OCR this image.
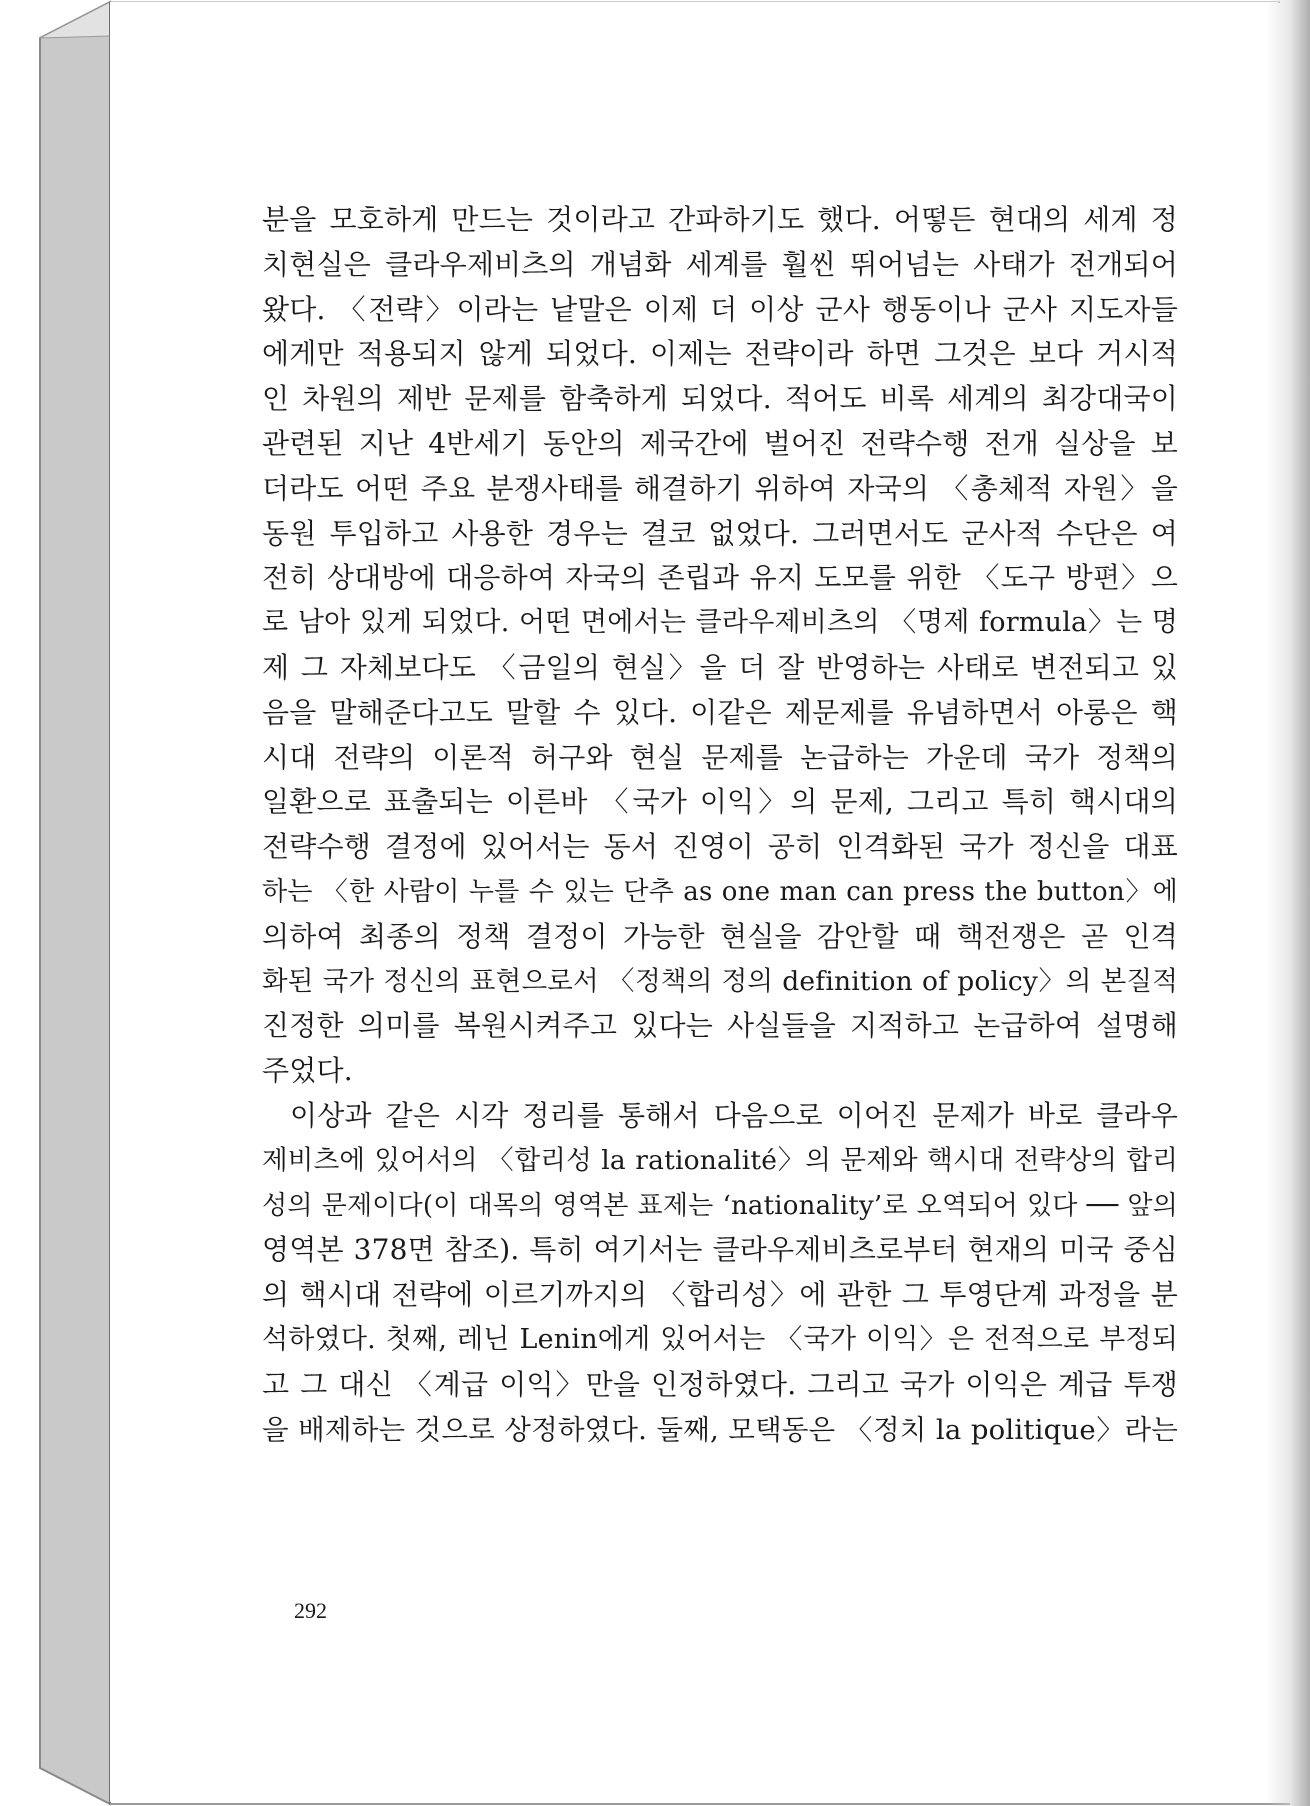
분을 모호하게 만드는 것이라고 간파하기도 했다. 어떻든 현대의 세계 정
치현실은 클라우제비츠의 개념화 세계를 훨씬 뛰어넘는 사태가 전개되어
왔다. 〈전략〉이라는 낱말은 이제 더 이상 군사 행동이나 군사 지도자들
에게만 적용되지 않게 되었다. 이제는 전략이라 하면 그것은 보다 거시적
인 차원의 제반 문제를 함축하게 되었다. 적어도 비록 세계의 최강대국이
관련된 지난 4반세기 동안의 제국간에 벌어진 전략수행 전개 실상을 보
더라도 어떤 주요 분쟁사태를 해결하기 위하여 자국의 〈총체적 자원〉을
동원 투입하고 사용한 경우는 결코 없었다. 그러면서도 군사적 수단은 여
전히 상대방에 대응하여 자국의 존립과 유지 도모를 위한 〈도구 방편〉으
로 남아 있게 되었다. 어떤 면에서는 클라우제비츠의 〈명제 formula〉는 명
제 그 자체보다도 〈금일의 현실〉을 더 잘 반영하는 사태로 변전되고 있
음을 말해준다고도 말할 수 있다. 이같은 제문제를 유념하면서 아롱은 핵
시대 전략의 이론적 허구와 현실 문제를 논급하는 가운데 국가 정책의
일환으로 표출되는 이른바 〈국가 이익〉의 문제, 그리고 특히 핵시대의
전략수행 결정에 있어서는 동서 진영이 공히 인격화된 국가 정신을 대표
하는 〈한 사람이 누를 수 있는 단추 as one man can press the button〉에
의하여 최종의 정책 결정이 가능한 현실을 감안할 때 핵전쟁은 곧 인격
화된 국가 정신의 표현으로서 〈정책의 정의 definition of policy〉의 본질적
진정한 의미를 복원시켜주고 있다는 사실들을 지적하고 논급하여 설명해
주었다.
이상과 같은 시각 정리를 통해서 다음으로 이어진 문제가 바로 클라우
제비츠에 있어서의 〈합리성 la rationalité〉의 문제와 핵시대 전략상의 합리
성의 문제이다(이 대목의 영역본 표제는 ‘nationality’로 오역되어 있다 ── 앞의
영역본 378면 참조). 특히 여기서는 클라우제비츠로부터 현재의 미국 중심
의 핵시대 전략에 이르기까지의 〈합리성〉에 관한 그 투영단계 과정을 분
석하였다. 첫째, 레닌 Lenin에게 있어서는 〈국가 이익〉은 전적으로 부정되
고 그 대신 〈계급 이익〉만을 인정하였다. 그리고 국가 이익은 계급 투쟁
을 배제하는 것으로 상정하였다. 둘째, 모택동은 〈정치 la politique〉라는
292
